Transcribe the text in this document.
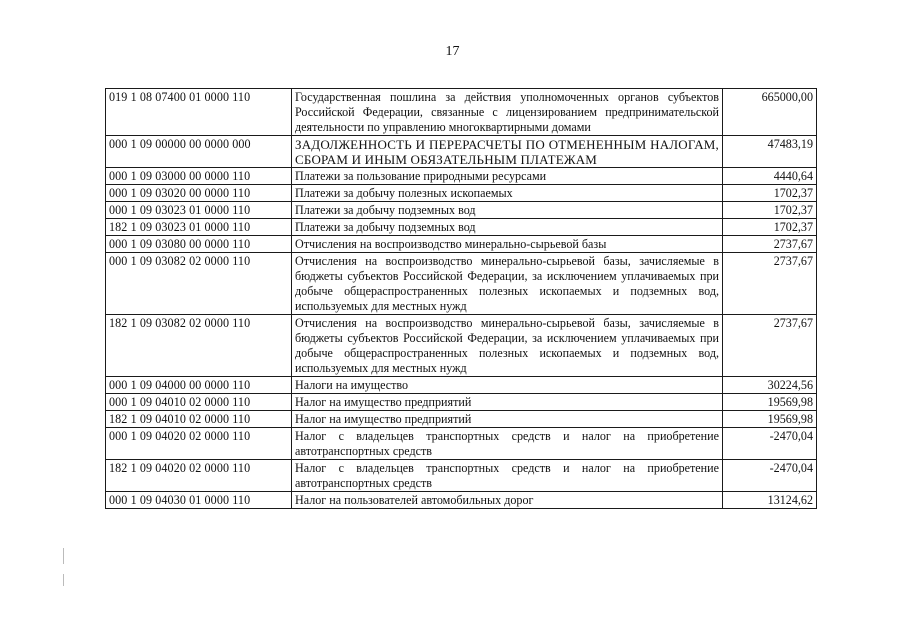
17
019 1 08 07400 01 0000 110	Государственная пошлина за действия уполномоченных органов субъектов Российской Федерации, связанные с лицензированием предпринимательской деятельности по управлению многоквартирными домами	665000,00
000 1 09 00000 00 0000 000	ЗАДОЛЖЕННОСТЬ И ПЕРЕРАСЧЕТЫ ПО ОТМЕНЕННЫМ НАЛОГАМ, СБОРАМ И ИНЫМ ОБЯЗАТЕЛЬНЫМ ПЛАТЕЖАМ	47483,19
000 1 09 03000 00 0000 110	Платежи за пользование природными ресурсами	4440,64
000 1 09 03020 00 0000 110	Платежи за добычу полезных ископаемых	1702,37
000 1 09 03023 01 0000 110	Платежи за добычу подземных вод	1702,37
182 1 09 03023 01 0000 110	Платежи за добычу подземных вод	1702,37
000 1 09 03080 00 0000 110	Отчисления на воспроизводство минерально-сырьевой базы	2737,67
000 1 09 03082 02 0000 110	Отчисления на воспроизводство минерально-сырьевой базы, зачисляемые в бюджеты субъектов Российской Федерации, за исключением уплачиваемых при добыче общераспространенных полезных ископаемых и подземных вод, используемых для местных нужд	2737,67
182 1 09 03082 02 0000 110	Отчисления на воспроизводство минерально-сырьевой базы, зачисляемые в бюджеты субъектов Российской Федерации, за исключением уплачиваемых при добыче общераспространенных полезных ископаемых и подземных вод, используемых для местных нужд	2737,67
000 1 09 04000 00 0000 110	Налоги на имущество	30224,56
000 1 09 04010 02 0000 110	Налог на имущество предприятий	19569,98
182 1 09 04010 02 0000 110	Налог на имущество предприятий	19569,98
000 1 09 04020 02 0000 110	Налог с владельцев транспортных средств и налог на приобретение автотранспортных средств	-2470,04
182 1 09 04020 02 0000 110	Налог с владельцев транспортных средств и налог на приобретение автотранспортных средств	-2470,04
000 1 09 04030 01 0000 110	Налог на пользователей автомобильных дорог	13124,62
